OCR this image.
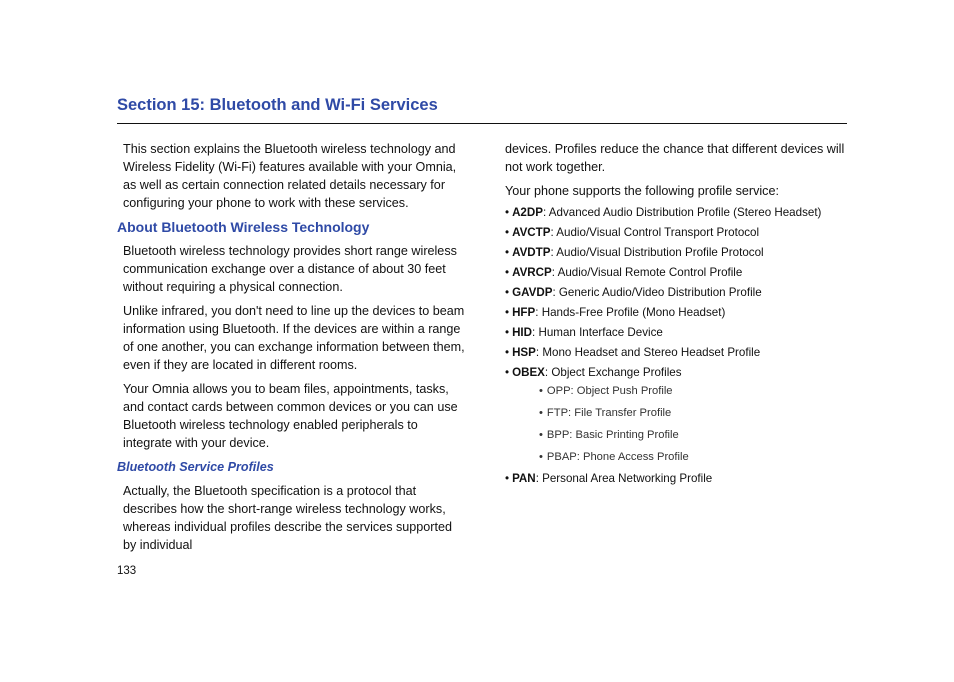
Section 15: Bluetooth and Wi-Fi Services

This section explains the Bluetooth wireless technology and Wireless Fidelity (Wi-Fi) features available with your Omnia, as well as certain connection related details necessary for configuring your phone to work with these services.

About Bluetooth Wireless Technology

Bluetooth wireless technology provides short range wireless communication exchange over a distance of about 30 feet without requiring a physical connection.

Unlike infrared, you don't need to line up the devices to beam information using Bluetooth. If the devices are within a range of one another, you can exchange information between them, even if they are located in different rooms.

Your Omnia allows you to beam files, appointments, tasks, and contact cards between common devices or you can use Bluetooth wireless technology enabled peripherals to integrate with your device.

Bluetooth Service Profiles

Actually, the Bluetooth specification is a protocol that describes how the short-range wireless technology works, whereas individual profiles describe the services supported by individual

devices. Profiles reduce the chance that different devices will not work together.

Your phone supports the following profile service:

• A2DP: Advanced Audio Distribution Profile (Stereo Headset)
• AVCTP: Audio/Visual Control Transport Protocol
• AVDTP: Audio/Visual Distribution Profile Protocol
• AVRCP: Audio/Visual Remote Control Profile
• GAVDP: Generic Audio/Video Distribution Profile
• HFP: Hands-Free Profile (Mono Headset)
• HID: Human Interface Device
• HSP: Mono Headset and Stereo Headset Profile
• OBEX: Object Exchange Profiles
• OPP: Object Push Profile
• FTP: File Transfer Profile
• BPP: Basic Printing Profile
• PBAP: Phone Access Profile
• PAN: Personal Area Networking Profile
133
